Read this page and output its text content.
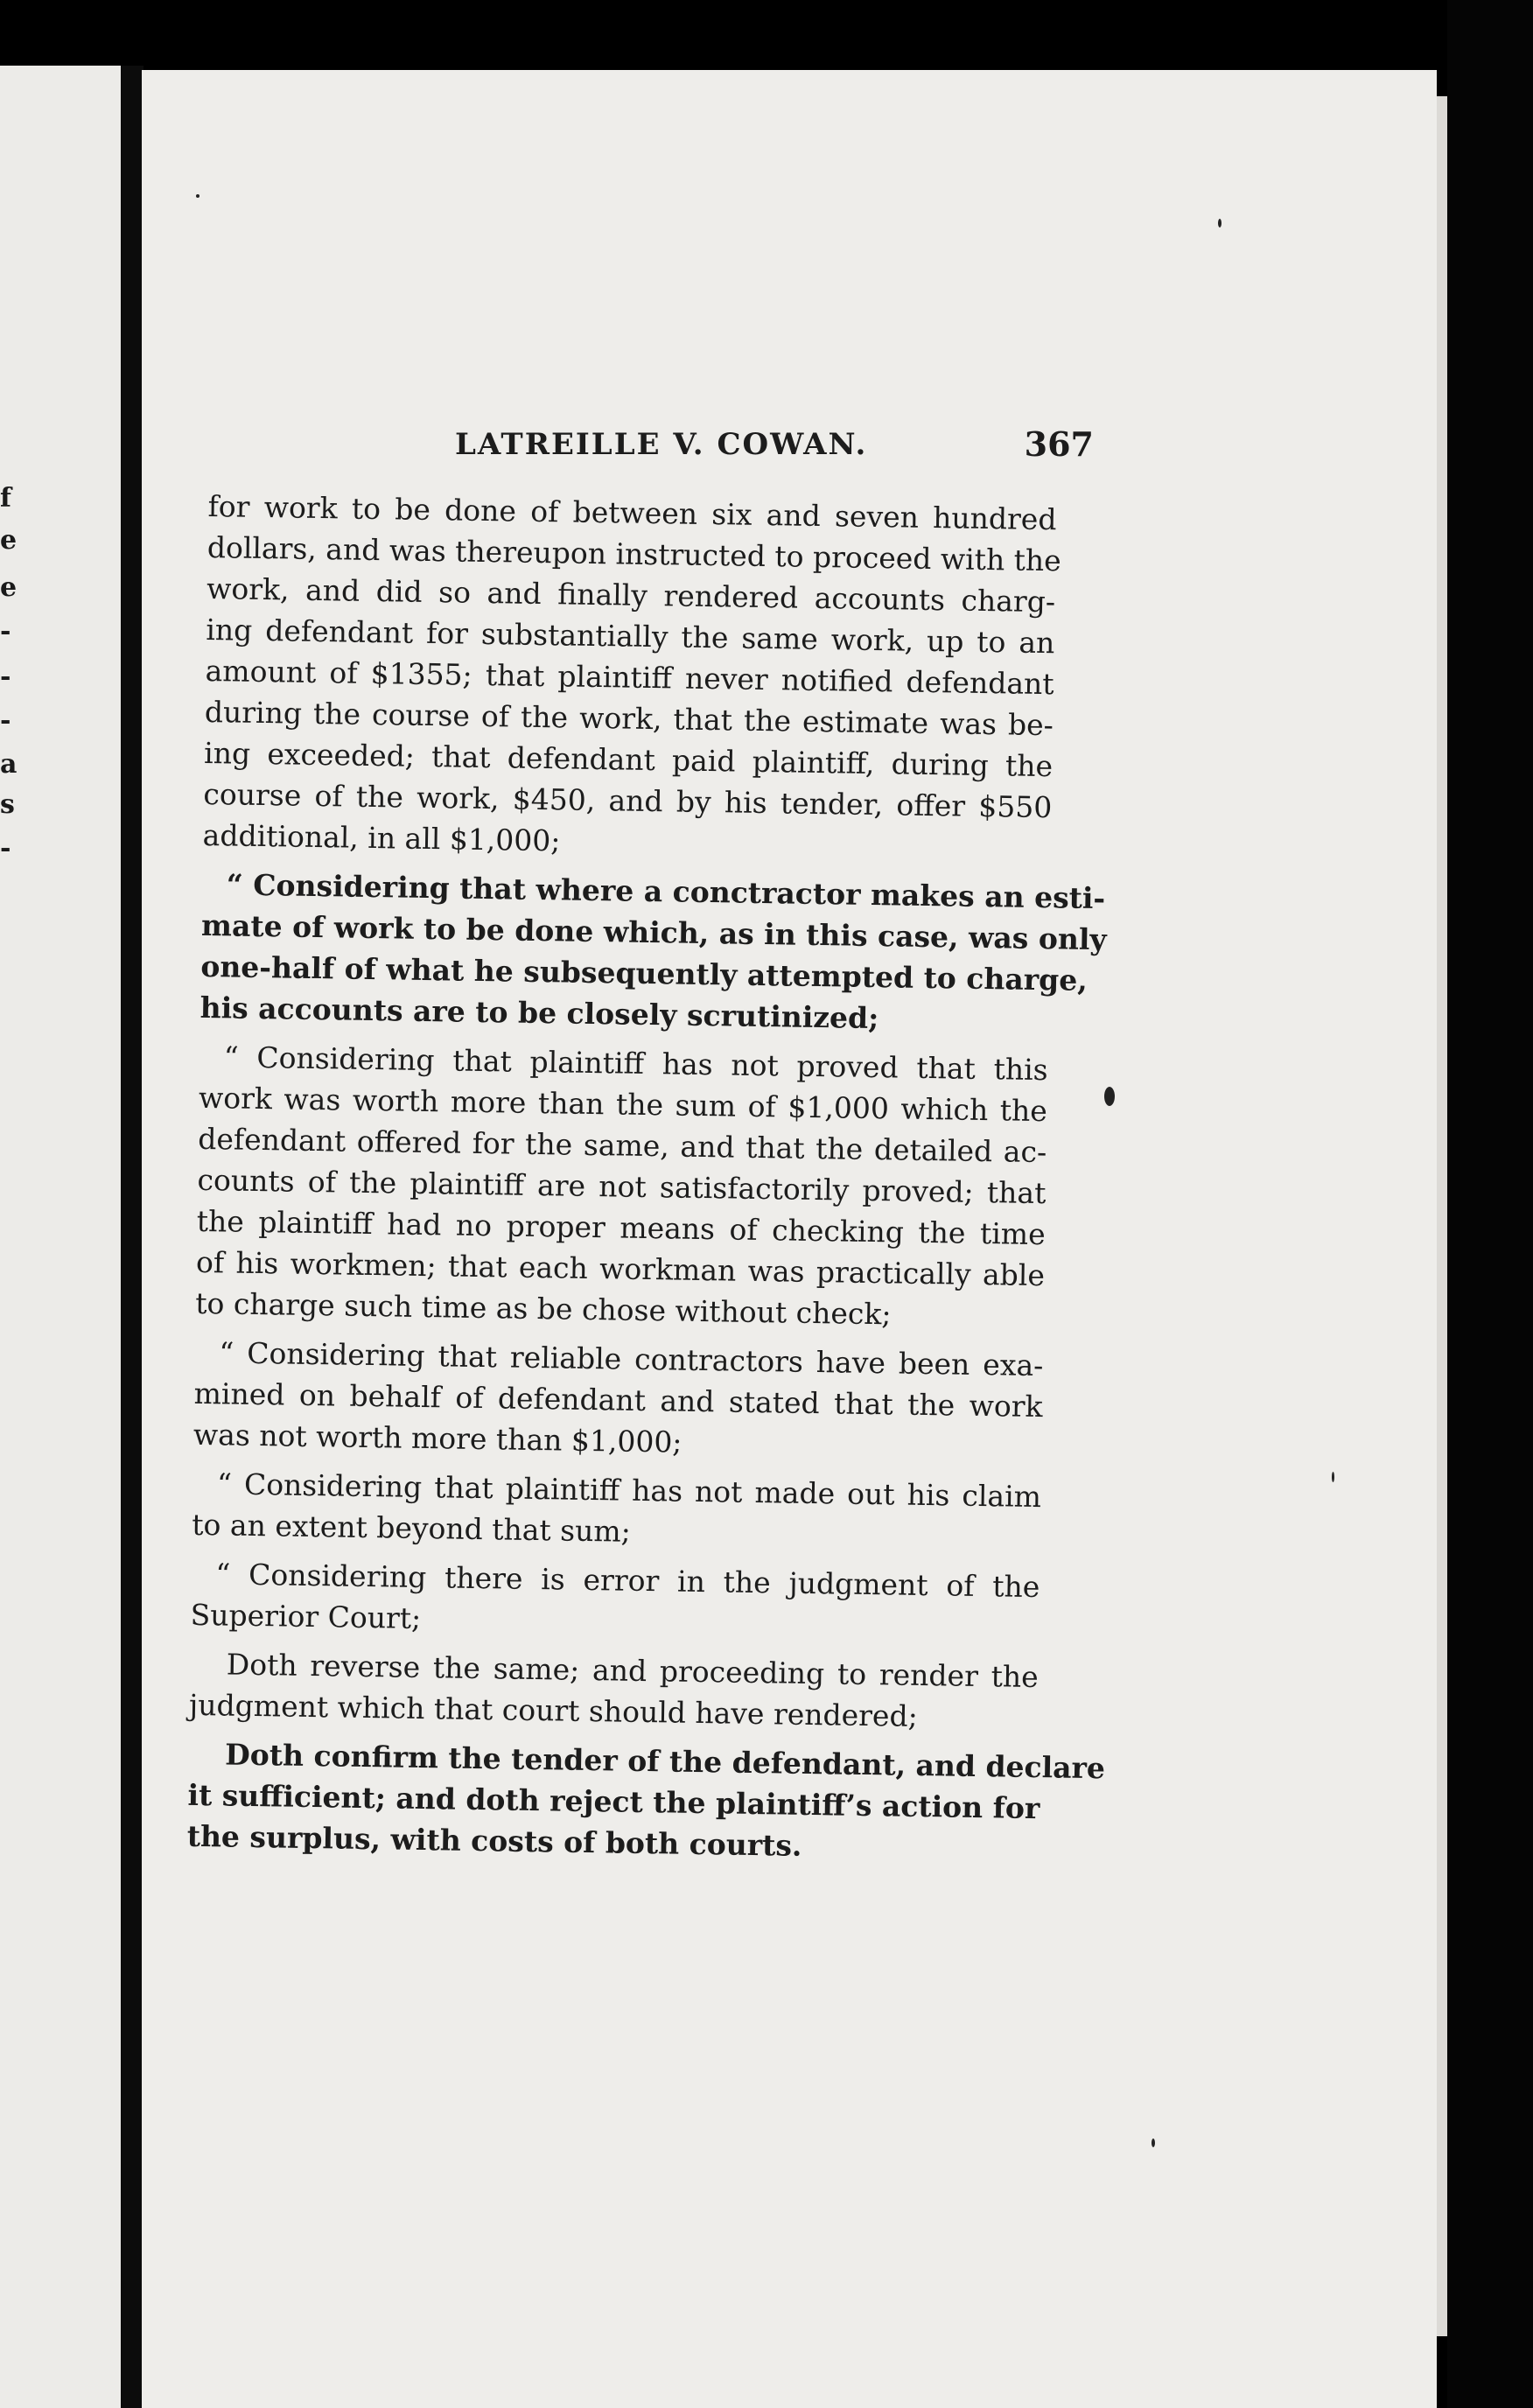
f
e
e
-
-
-
a
s
-
LATREILLE V. COWAN.	367

for work to be done of between six and seven hundred
dollars, and was thereupon instructed to proceed with the
work, and did so and finally rendered accounts charg-
ing defendant for substantially the same work, up to an
amount of $1355; that plaintiff never notified defendant
during the course of the work, that the estimate was be-
ing exceeded; that defendant paid plaintiff, during the
course of the work, $450, and by his tender, offer $550
additional, in all $1,000;

“ Considering that where a conctractor makes an esti-
mate of work to be done which, as in this case, was only
one-half of what he subsequently attempted to charge,
his accounts are to be closely scrutinized;

“ Considering that plaintiff has not proved that this
work was worth more than the sum of $1,000 which the
defendant offered for the same, and that the detailed ac-
counts of the plaintiff are not satisfactorily proved; that
the plaintiff had no proper means of checking the time
of his workmen; that each workman was practically able
to charge such time as be chose without check;

“ Considering that reliable contractors have been exa-
mined on behalf of defendant and stated that the work
was not worth more than $1,000;

“ Considering that plaintiff has not made out his claim
to an extent beyond that sum;

“ Considering there is error in the judgment of the
Superior Court;

Doth reverse the same; and proceeding to render the
judgment which that court should have rendered;

Doth confirm the tender of the defendant, and declare
it sufficient; and doth reject the plaintiff’s action for
the surplus, with costs of both courts.
